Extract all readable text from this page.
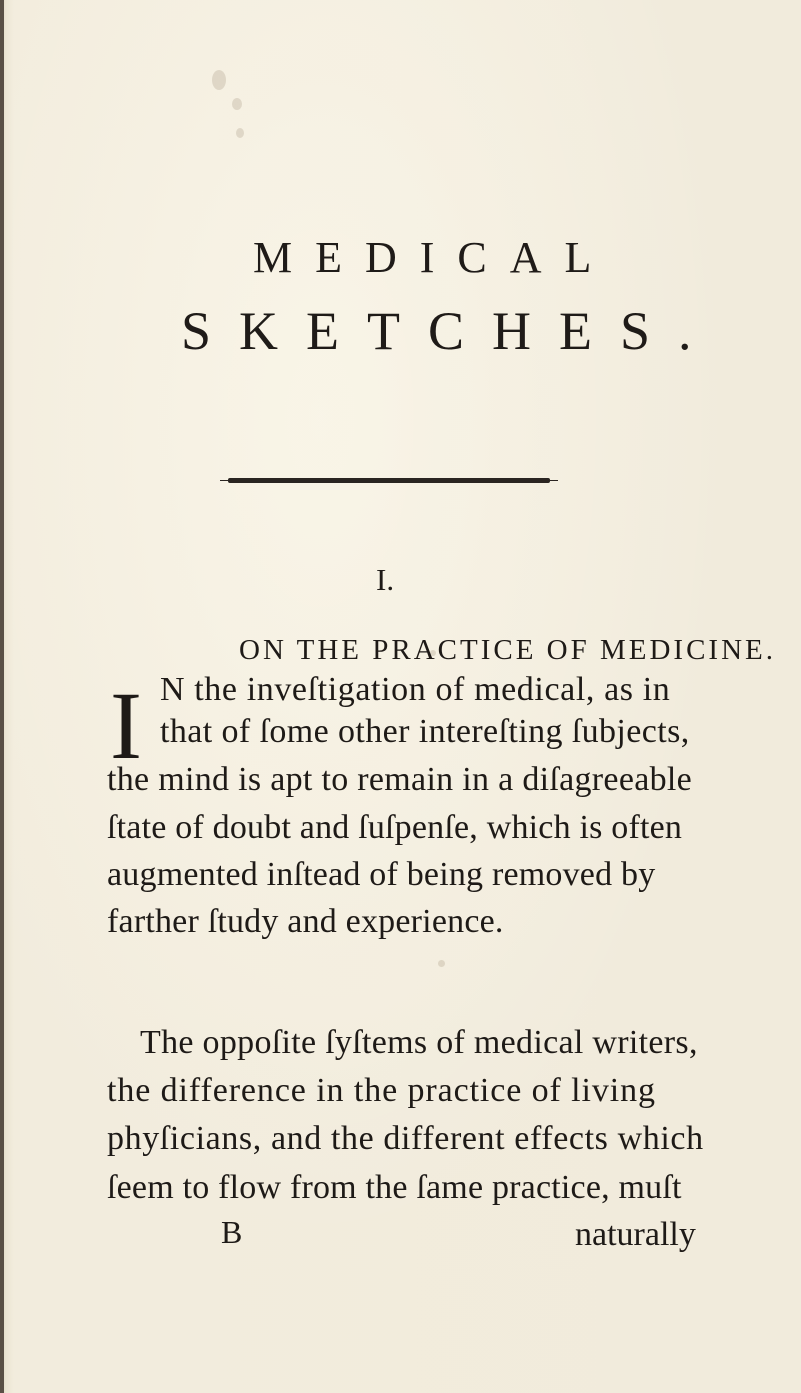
MEDICAL
SKETCHES.
I.
ON THE PRACTICE OF MEDICINE.
I N the inveſtigation of medical, as in
that of ſome other intereſting ſubjects,
the mind is apt to remain in a diſagreeable
ſtate of doubt and ſuſpenſe, which is often
augmented inſtead of being removed by
farther ſtudy and experience.
The oppoſite ſyſtems of medical writers,
the difference in the practice of living
phyſicians, and the different effects which
ſeem to flow from the ſame practice, muſt
B	naturally
